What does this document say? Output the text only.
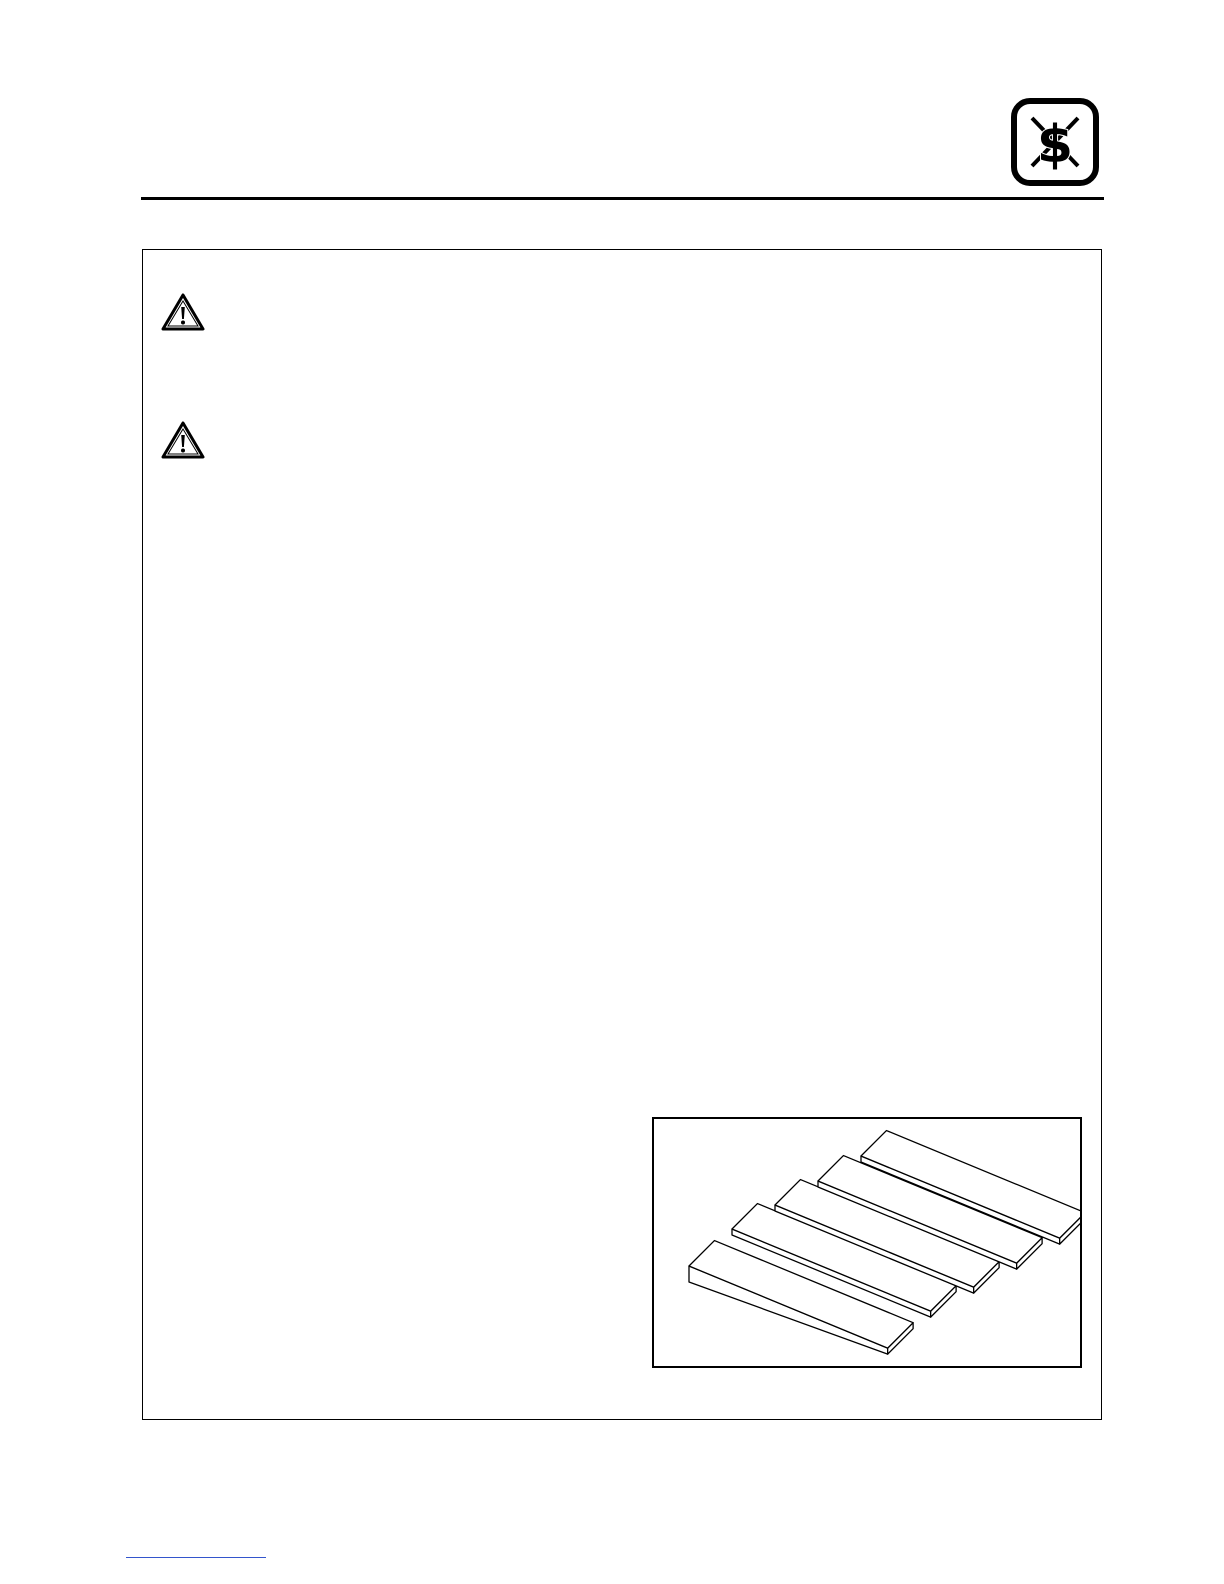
$
